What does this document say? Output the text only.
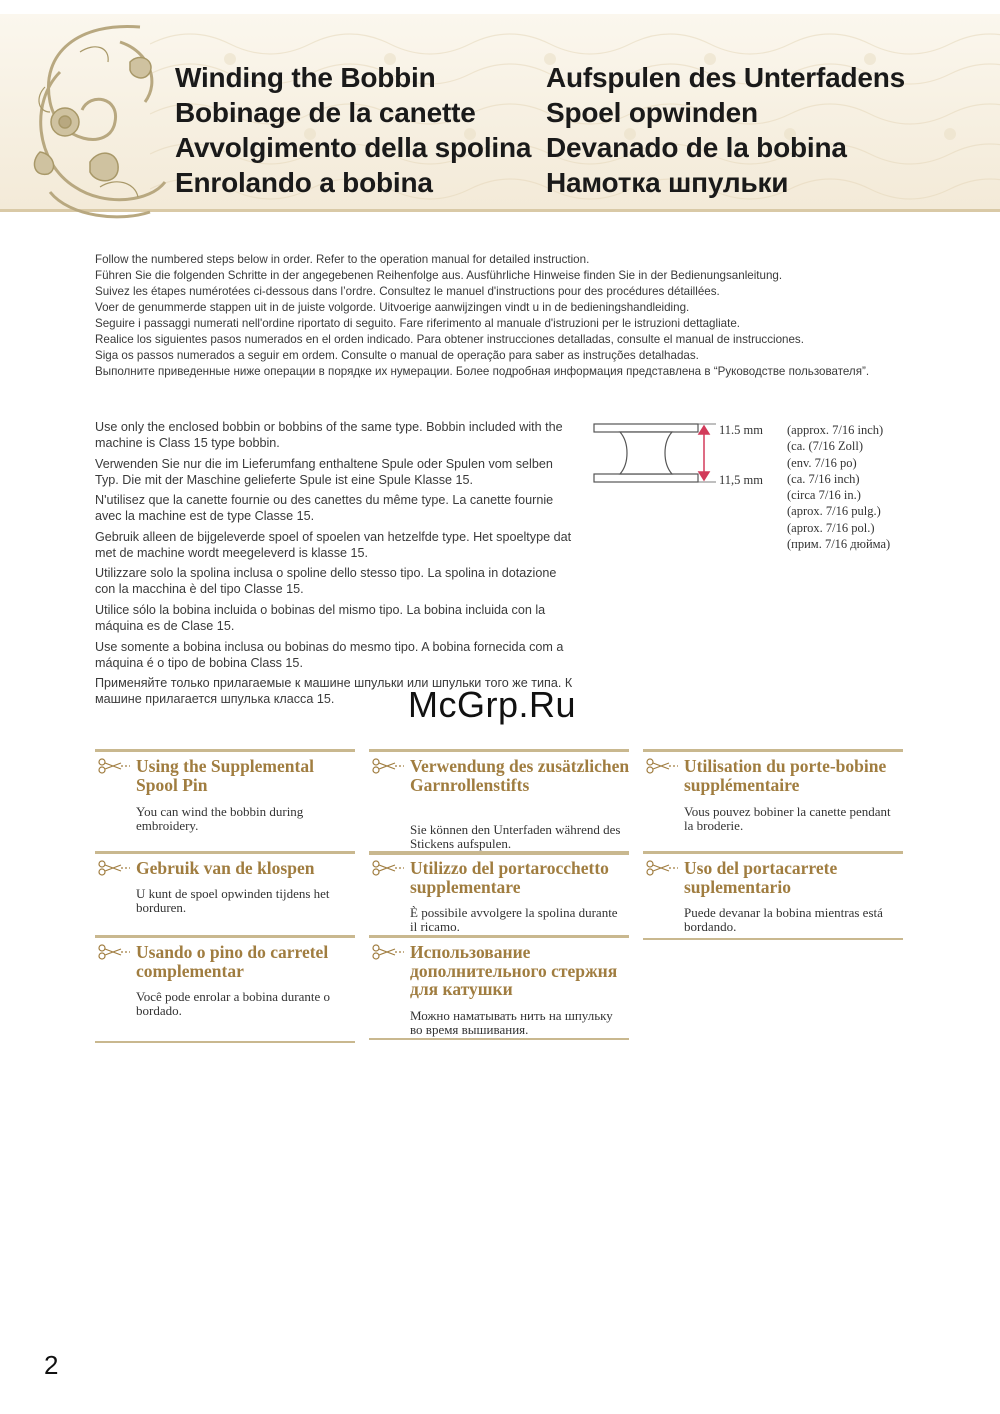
Winding the Bobbin
Bobinage de la canette
Avvolgimento della spolina
Enrolando a bobina
Aufspulen des Unterfadens
Spoel opwinden
Devanado de la bobina
Намотка шпульки
Follow the numbered steps below in order. Refer to the operation manual for detailed instruction.
Führen Sie die folgenden Schritte in der angegebenen Reihenfolge aus. Ausführliche Hinweise finden Sie in der Bedienungsanleitung.
Suivez les étapes numérotées ci-dessous dans l’ordre. Consultez le manuel d'instructions pour des procédures détaillées.
Voer de genummerde stappen uit in de juiste volgorde. Uitvoerige aanwijzingen vindt u in de bedieningshandleiding.
Seguire i passaggi numerati nell'ordine riportato di seguito. Fare riferimento al manuale d'istruzioni per le istruzioni dettagliate.
Realice los siguientes pasos numerados en el orden indicado. Para obtener instrucciones detalladas, consulte el manual de instrucciones.
Siga os passos numerados a seguir em ordem. Consulte o manual de operação para saber as instruções detalhadas.
Выполните приведенные ниже операции в порядке их нумерации. Более подробная информация представлена в “Руководстве пользователя”.

Use only the enclosed bobbin or bobbins of the same type. Bobbin included with the machine is Class 15 type bobbin.

Verwenden Sie nur die im Lieferumfang enthaltene Spule oder Spulen vom selben Typ. Die mit der Maschine gelieferte Spule ist eine Spule Klasse 15.

N'utilisez que la canette fournie ou des canettes du même type. La canette fournie avec la machine est de type Classe 15.

Gebruik alleen de bijgeleverde spoel of spoelen van hetzelfde type. Het spoeltype dat met de machine wordt meegeleverd is klasse 15.

Utilizzare solo la spolina inclusa o spoline dello stesso tipo. La spolina in dotazione con la macchina è del tipo Classe 15.

Utilice sólo la bobina incluida o bobinas del mismo tipo. La bobina incluida con la máquina es de Clase 15.

Use somente a bobina inclusa ou bobinas do mesmo tipo. A bobina fornecida com a máquina é o tipo de bobina Class 15.

Применяйте только прилагаемые к машине шпульки или шпульки того же типа. К машине прилагается шпулька класса 15.

11.5 mm
11,5 mm
(approx. 7/16 inch)
(ca. (7/16 Zoll)
(env. 7/16 po)
(ca. 7/16 inch)
(circa 7/16 in.)
(aprox. 7/16 pulg.)
(aprox. 7/16 pol.)
(прим. 7/16 дюйма)
McGrp.Ru
Using the Supplemental Spool Pin
You can wind the bobbin during embroidery.
Verwendung des zusätzlichen Garnrollenstifts
Sie können den Unterfaden während des Stickens aufspulen.
Utilisation du porte-bobine supplémentaire
Vous pouvez bobiner la canette pendant la broderie.
Gebruik van de klospen
U kunt de spoel opwinden tijdens het borduren.
Utilizzo del portarocchetto supplementare
È possibile avvolgere la spolina durante il ricamo.
Uso del portacarrete suplementario
Puede devanar la bobina mientras está bordando.
Usando o pino do carretel complementar
Você pode enrolar a bobina durante o bordado.
Использование дополнительного стержня для катушки
Можно наматывать нить на шпульку во время вышивания.
2
